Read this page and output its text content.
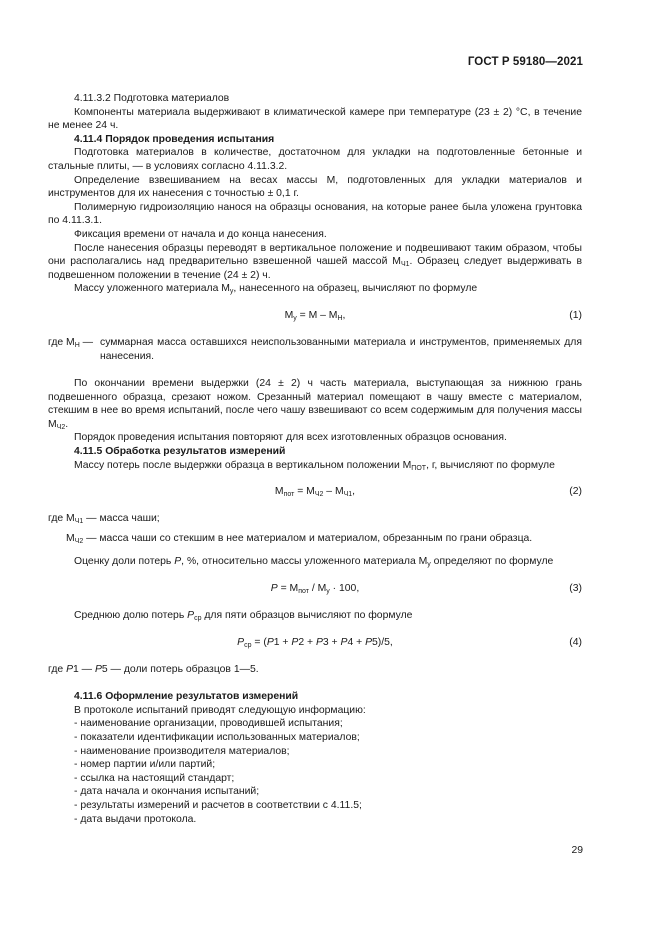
ГОСТ Р 59180—2021

4.11.3.2 Подготовка материалов

Компоненты материала выдерживают в климатической камере при температуре (23 ± 2) °С, в течение не менее 24 ч.

4.11.4 Порядок проведения испытания

Подготовка материалов в количестве, достаточном для укладки на подготовленные бетонные и стальные плиты, — в условиях согласно 4.11.3.2.

Определение взвешиванием на весах массы М, подготовленных для укладки материалов и инструментов для их нанесения с точностью ± 0,1 г.

Полимерную гидроизоляцию нанося на образцы основания, на которые ранее была уложена грунтовка по 4.11.3.1.

Фиксация времени от начала и до конца нанесения.

После нанесения образцы переводят в вертикальное положение и подвешивают таким образом, чтобы они располагались над предварительно взвешенной чашей массой $М_{Ч1}$. Образец следует выдерживать в подвешенном положении в течение (24 ± 2) ч.

Массу уложенного материала $М_у$, нанесенного на образец, вычисляют по формуле

$М_у = М - М_Н$,	(1)
где $М_Н$ — суммарная масса оставшихся неиспользованными материала и инструментов, применяемых для нанесения.

По окончании времени выдержки (24 ± 2) ч часть материала, выступающая за нижнюю грань подвешенного образца, срезают ножом. Срезанный материал помещают в чашу вместе с материалом, стекшим в нее во время испытаний, после чего чашу взвешивают со всем содержимым для получения массы $М_{Ч2}$.

Порядок проведения испытания повторяют для всех изготовленных образцов основания.

4.11.5 Обработка результатов измерений

Массу потерь после выдержки образца в вертикальном положении $М_{ПОТ}$, г, вычисляют по формуле

$М_{пот} = М_{Ч2} - М_{Ч1}$,	(2)

где $М_{Ч1}$ — масса чаши;

$М_{Ч2}$ — масса чаши со стекшим в нее материалом и материалом, обрезанным по грани образца.

Оценку доли потерь Р, %, относительно массы уложенного материала $М_у$ определяют по формуле

$Р = М_{пот} / М_у \cdot 100$,	(3)

Среднюю долю потерь $Р_{ср}$ для пяти образцов вычисляют по формуле

$Р_{ср} = (Р1 + Р2 + Р3 + Р4 + Р5)/5$,	(4)

где Р1 — Р5 — доли потерь образцов 1—5.

4.11.6 Оформление результатов измерений

В протоколе испытаний приводят следующую информацию:

- наименование организации, проводившей испытания;

- показатели идентификации использованных материалов;

- наименование производителя материалов;

- номер партии и/или партий;

- ссылка на настоящий стандарт;

- дата начала и окончания испытаний;

- результаты измерений и расчетов в соответствии с 4.11.5;

- дата выдачи протокола.

29
